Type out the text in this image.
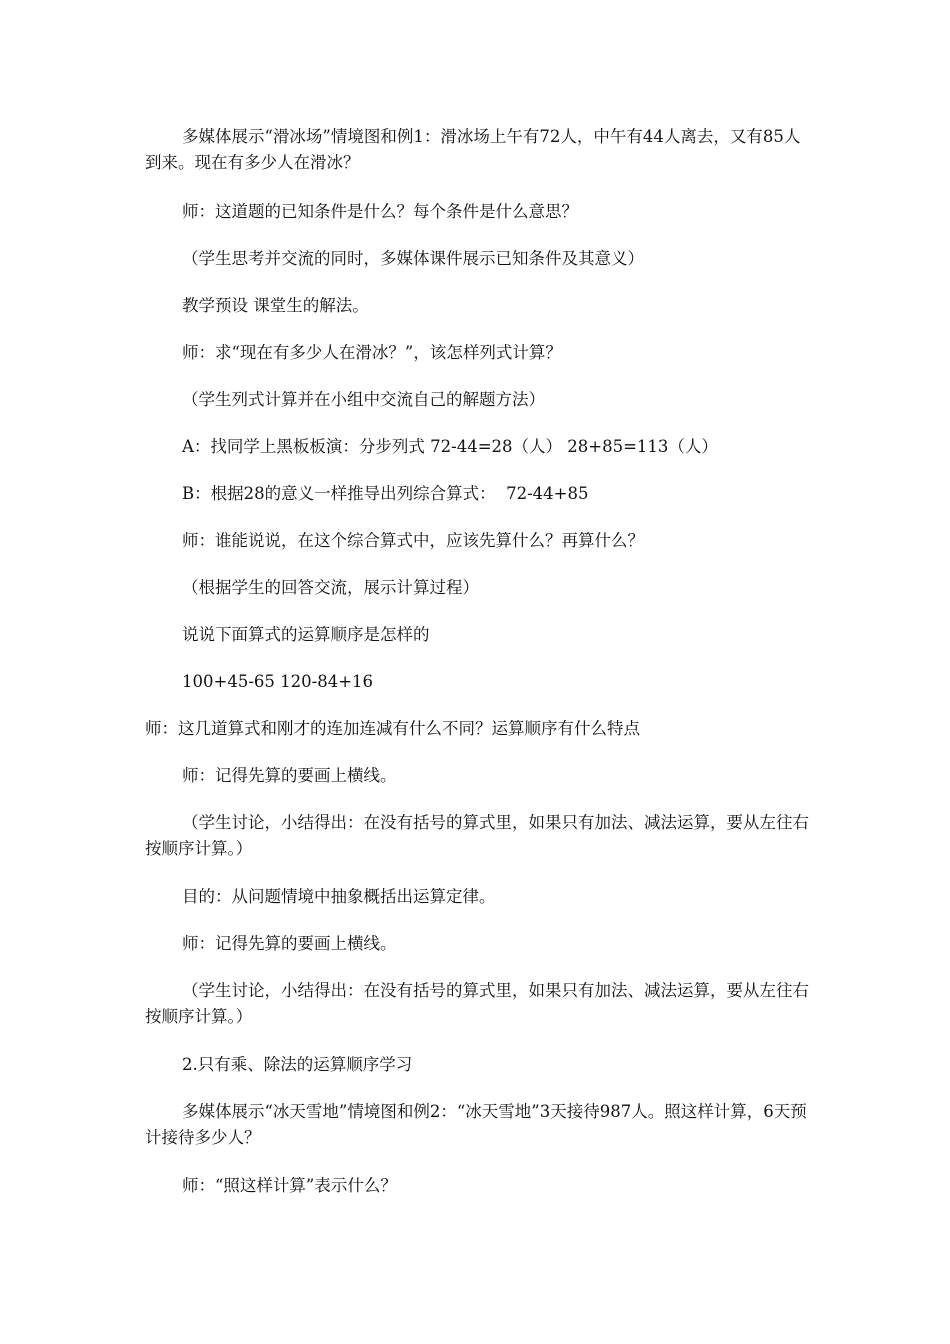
多媒体展示“滑冰场”情境图和例1：滑冰场上午有72人，中午有44人离去，又有85人到来。现在有多少人在滑冰？

师：这道题的已知条件是什么？每个条件是什么意思？

（学生思考并交流的同时，多媒体课件展示已知条件及其意义）

教学预设 课堂生的解法。

师：求“现在有多少人在滑冰？”，该怎样列式计算？

（学生列式计算并在小组中交流自己的解题方法）

A：找同学上黑板板演：分步列式 72-44=28（人） 28+85=113（人）

B：根据28的意义一样推导出列综合算式：  72-44+85

师：谁能说说，在这个综合算式中，应该先算什么？再算什么？

（根据学生的回答交流，展示计算过程）

说说下面算式的运算顺序是怎样的

100+45-65 120-84+16

师：这几道算式和刚才的连加连减有什么不同？运算顺序有什么特点

师：记得先算的要画上横线。

（学生讨论，小结得出：在没有括号的算式里，如果只有加法、减法运算，要从左往右按顺序计算。）

目的：从问题情境中抽象概括出运算定律。

师：记得先算的要画上横线。

（学生讨论，小结得出：在没有括号的算式里，如果只有加法、减法运算，要从左往右按顺序计算。）

2.只有乘、除法的运算顺序学习

多媒体展示“冰天雪地”情境图和例2：“冰天雪地”3天接待987人。照这样计算，6天预计接待多少人？

师：“照这样计算”表示什么？
